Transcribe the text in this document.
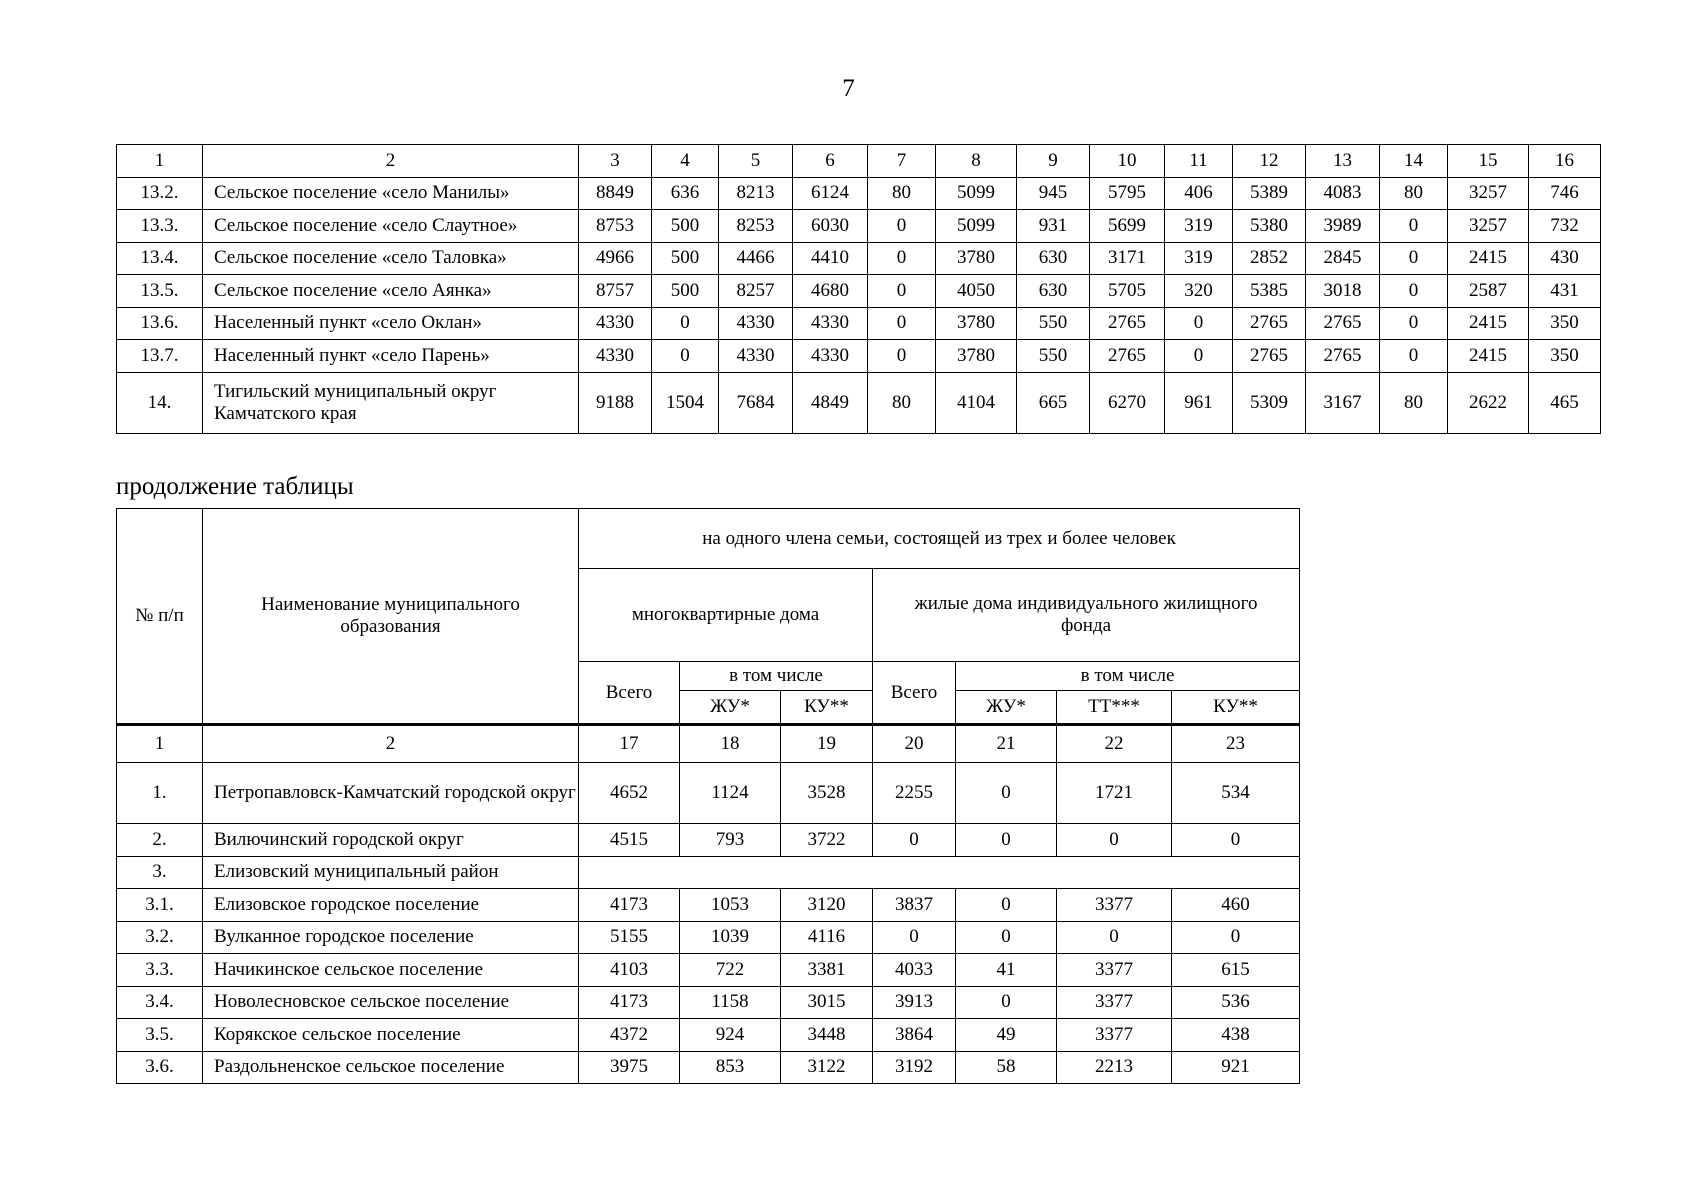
7
1	2	3	4	5	6	7	8	9	10	11	12	13	14	15	16
13.2.	Сельское поселение «село Манилы»	8849	636	8213	6124	80	5099	945	5795	406	5389	4083	80	3257	746
13.3.	Сельское поселение «село Слаутное»	8753	500	8253	6030	0	5099	931	5699	319	5380	3989	0	3257	732
13.4.	Сельское поселение «село Таловка»	4966	500	4466	4410	0	3780	630	3171	319	2852	2845	0	2415	430
13.5.	Сельское поселение «село Аянка»	8757	500	8257	4680	0	4050	630	5705	320	5385	3018	0	2587	431
13.6.	Населенный пункт «село Оклан»	4330	0	4330	4330	0	3780	550	2765	0	2765	2765	0	2415	350
13.7.	Населенный пункт «село Парень»	4330	0	4330	4330	0	3780	550	2765	0	2765	2765	0	2415	350
14.	Тигильский муниципальный округ Камчатского края	9188	1504	7684	4849	80	4104	665	6270	961	5309	3167	80	2622	465
продолжение таблицы
№ п/п	Наименование муниципального образования	на одного члена семьи, состоящей из трех и более человек						
		многоквартирные дома			жилые дома индивидуального жилищного фонда			
		Всего	в том числе		Всего	в том числе		
			ЖУ*	КУ**		ЖУ*	ТТ***	КУ**
1	2	17	18	19	20	21	22	23
1.	Петропавловск-Камчатский городской округ	4652	1124	3528	2255	0	1721	534
2.	Вилючинский городской округ	4515	793	3722	0	0	0	0
3.	Елизовский муниципальный район							
3.1.	Елизовское городское поселение	4173	1053	3120	3837	0	3377	460
3.2.	Вулканное городское поселение	5155	1039	4116	0	0	0	0
3.3.	Начикинское сельское поселение	4103	722	3381	4033	41	3377	615
3.4.	Новолесновское сельское поселение	4173	1158	3015	3913	0	3377	536
3.5.	Корякское сельское поселение	4372	924	3448	3864	49	3377	438
3.6.	Раздольненское сельское поселение	3975	853	3122	3192	58	2213	921
